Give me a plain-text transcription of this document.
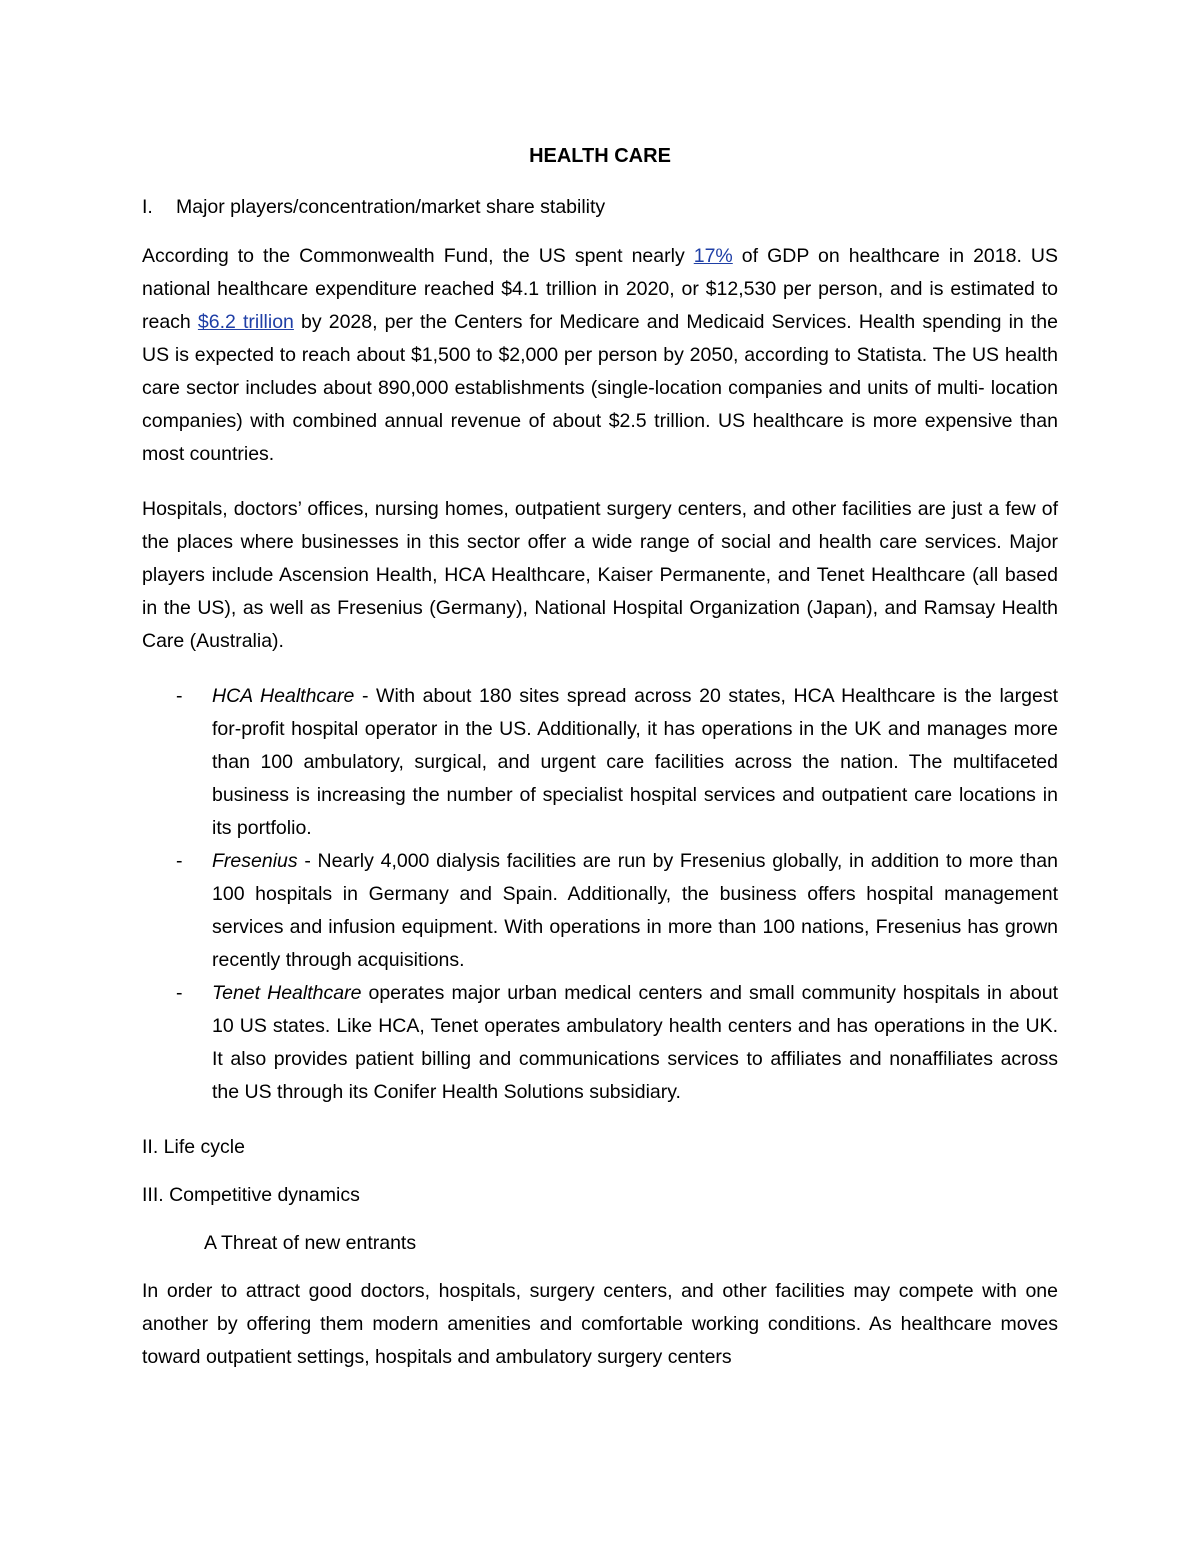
HEALTH CARE
I.	Major players/concentration/market share stability

According to the Commonwealth Fund, the US spent nearly 17% of GDP on healthcare in 2018. US national healthcare expenditure reached $4.1 trillion in 2020, or $12,530 per person, and is estimated to reach $6.2 trillion by 2028, per the Centers for Medicare and Medicaid Services. Health spending in the US is expected to reach about $1,500 to $2,000 per person by 2050, according to Statista. The US health care sector includes about 890,000 establishments (single-location companies and units of multi- location companies) with combined annual revenue of about $2.5 trillion. US healthcare is more expensive than most countries.

Hospitals, doctors’ offices, nursing homes, outpatient surgery centers, and other facilities are just a few of the places where businesses in this sector offer a wide range of social and health care services. Major players include Ascension Health, HCA Healthcare, Kaiser Permanente, and Tenet Healthcare (all based in the US), as well as Fresenius (Germany), National Hospital Organization (Japan), and Ramsay Health Care (Australia).

- HCA Healthcare - With about 180 sites spread across 20 states, HCA Healthcare is the largest for-profit hospital operator in the US. Additionally, it has operations in the UK and manages more than 100 ambulatory, surgical, and urgent care facilities across the nation. The multifaceted business is increasing the number of specialist hospital services and outpatient care locations in its portfolio.
- Fresenius - Nearly 4,000 dialysis facilities are run by Fresenius globally, in addition to more than 100 hospitals in Germany and Spain. Additionally, the business offers hospital management services and infusion equipment. With operations in more than 100 nations, Fresenius has grown recently through acquisitions.
- Tenet Healthcare operates major urban medical centers and small community hospitals in about 10 US states. Like HCA, Tenet operates ambulatory health centers and has operations in the UK. It also provides patient billing and communications services to affiliates and nonaffiliates across the US through its Conifer Health Solutions subsidiary.
II. Life cycle
III. Competitive dynamics
A Threat of new entrants

In order to attract good doctors, hospitals, surgery centers, and other facilities may compete with one another by offering them modern amenities and comfortable working conditions. As healthcare moves toward outpatient settings, hospitals and ambulatory surgery centers
